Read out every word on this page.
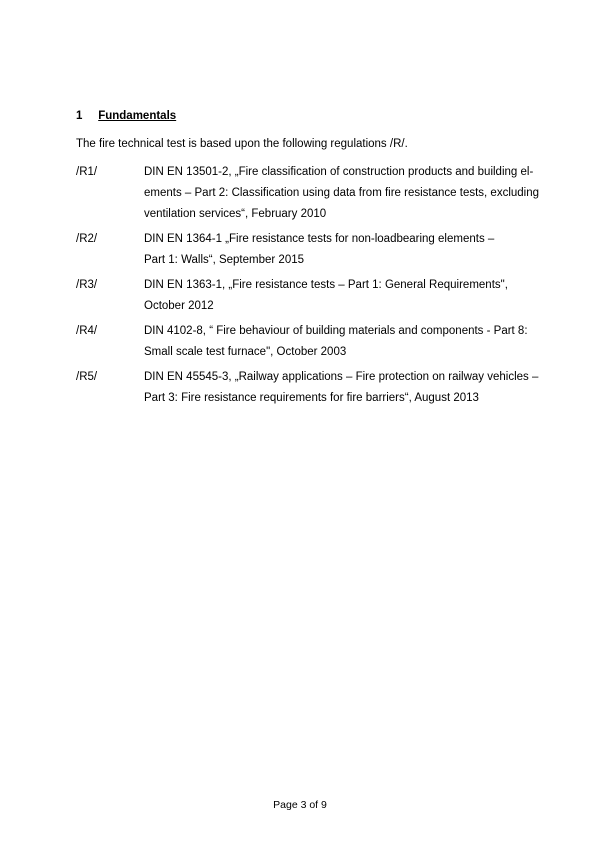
1 Fundamentals
The fire technical test is based upon the following regulations /R/.
/R1/	DIN EN 13501-2, „Fire classification of construction products and building el-
ements – Part 2: Classification using data from fire resistance tests, excluding
ventilation services“, February 2010
/R2/	DIN EN 1364-1 „Fire resistance tests for non-loadbearing elements –
Part 1: Walls“, September 2015
/R3/	DIN EN 1363-1, „Fire resistance tests – Part 1: General Requirements",
October 2012
/R4/	DIN 4102-8, “ Fire behaviour of building materials and components - Part 8:
Small scale test furnace", October 2003
/R5/	DIN EN 45545-3, „Railway applications – Fire protection on railway vehicles –
Part 3: Fire resistance requirements for fire barriers“, August 2013
Page 3 of 9
